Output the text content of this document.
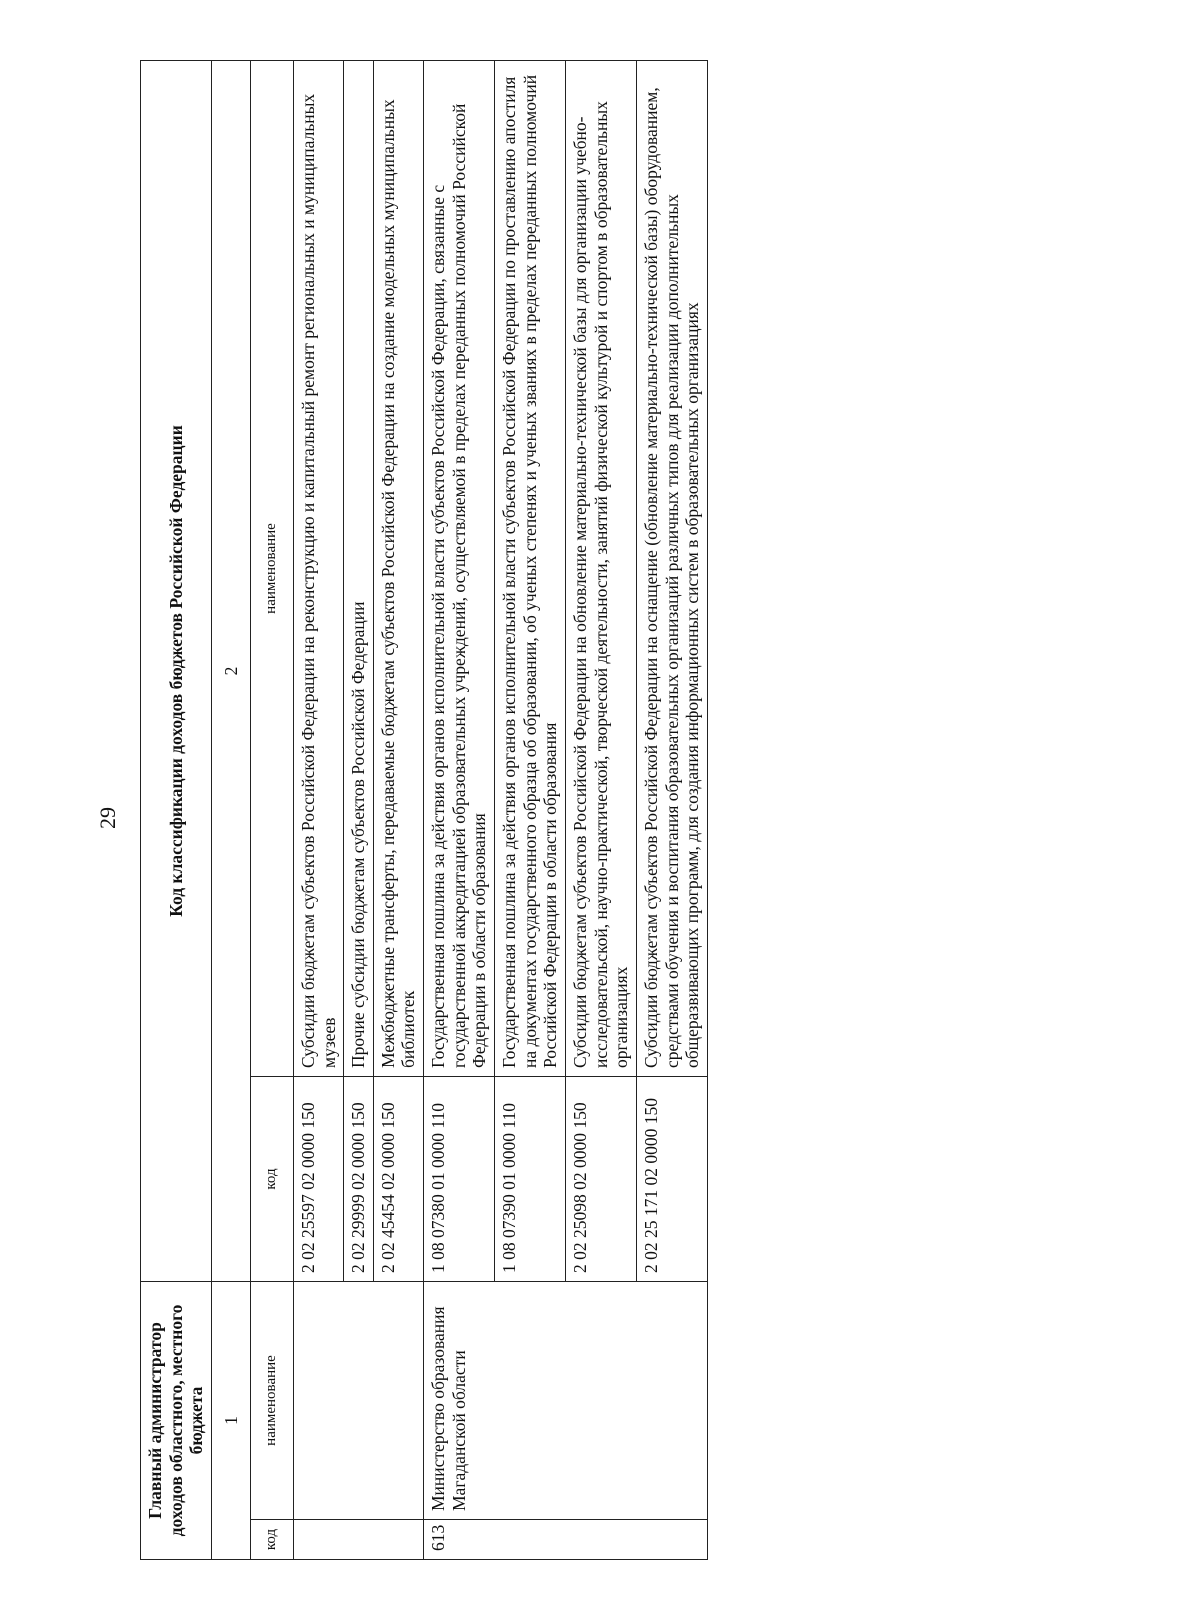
29
Главный администратор доходов областного, местного бюджета		Код классификации доходов бюджетов Российской Федерации	
1		2	
код	наименование	код	наименование
		2 02 25597 02 0000 150	Субсидии бюджетам субъектов Российской Федерации на реконструкцию и капитальный ремонт региональных и муниципальных музеев
		2 02 29999 02 0000 150	Прочие субсидии бюджетам субъектов Российской Федерации
		2 02 45454 02 0000 150	Межбюджетные трансферты, передаваемые бюджетам субъектов Российской Федерации на создание модельных муниципальных библиотек
613	Министерство образования Магаданской области	1 08 07380 01 0000 110	Государственная пошлина за действия органов исполнительной власти субъектов Российской Федерации, связанные с государственной аккредитацией образовательных учреждений, осуществляемой в пределах переданных полномочий Российской Федерации в области образования
		1 08 07390 01 0000 110	Государственная пошлина за действия органов исполнительной власти субъектов Российской Федерации по проставлению апостиля на документах государственного образца об образовании, об ученых степенях и ученых званиях в пределах переданных полномочий Российской Федерации в области образования
		2 02 25098 02 0000 150	Субсидии бюджетам субъектов Российской Федерации на обновление материально-технической базы для организации учебно-исследовательской, научно-практической, творческой деятельности, занятий физической культурой и спортом в образовательных организациях
		2 02 25 171 02 0000 150	Субсидии бюджетам субъектов Российской Федерации на оснащение (обновление материально-технической базы) оборудованием, средствами обучения и воспитания образовательных организаций различных типов для реализации дополнительных общеразвивающих программ, для создания информационных систем в образовательных организациях
